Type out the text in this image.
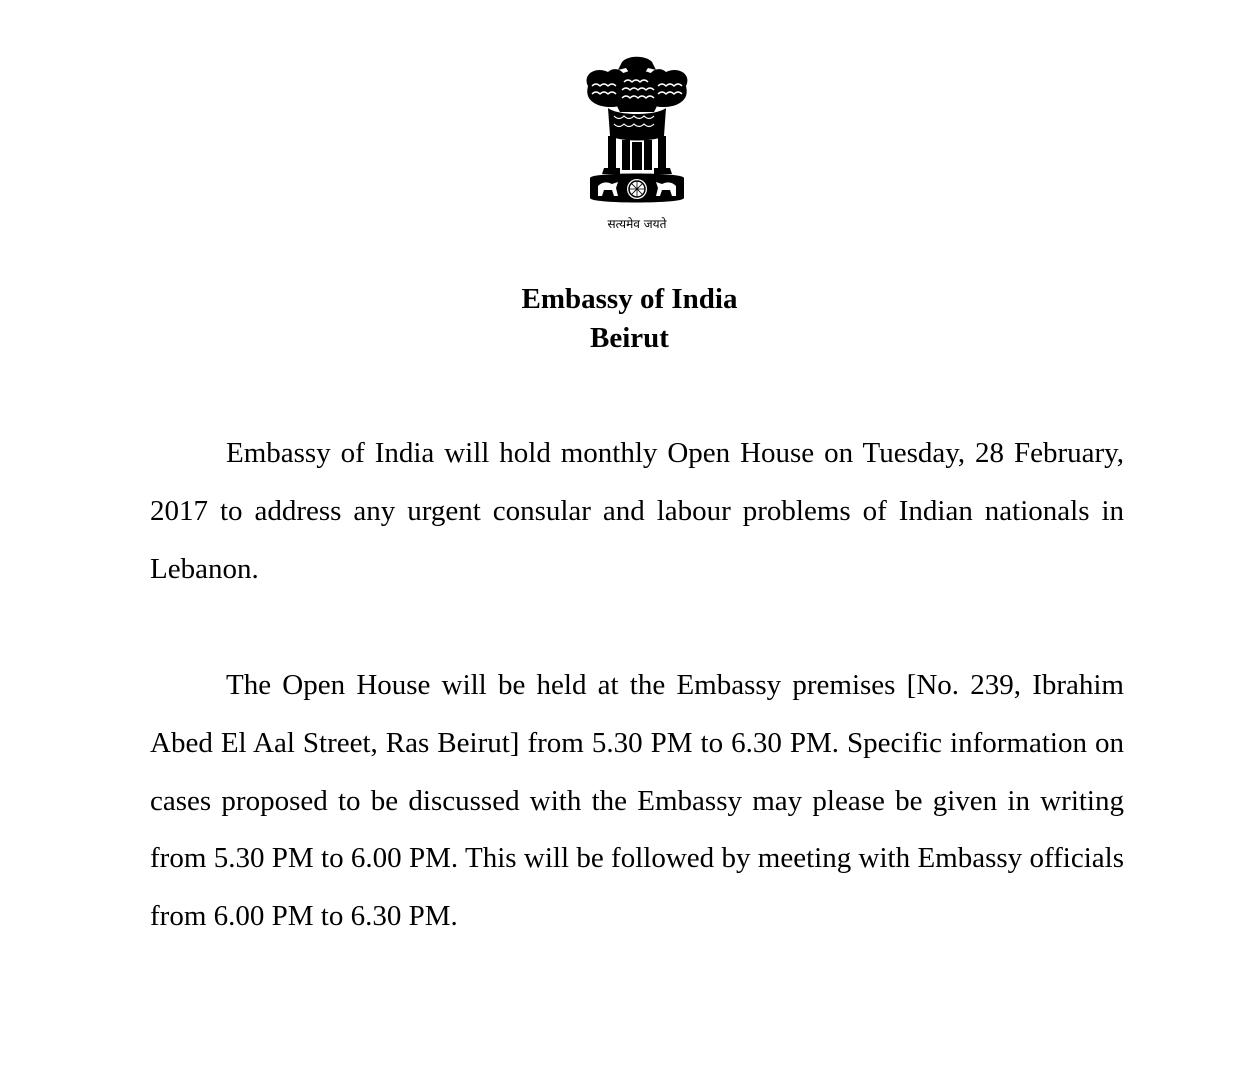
सत्यमेव जयते
Embassy of India
Beirut

Embassy of India will hold monthly Open House on Tuesday, 28 February, 2017 to address any urgent consular and labour problems of Indian nationals in Lebanon.

The Open House will be held at the Embassy premises [No. 239, Ibrahim Abed El Aal Street, Ras Beirut] from 5.30 PM to 6.30 PM. Specific information on cases proposed to be discussed with the Embassy may please be given in writing from 5.30 PM to 6.00 PM. This will be followed by meeting with Embassy officials from 6.00 PM to 6.30 PM.
